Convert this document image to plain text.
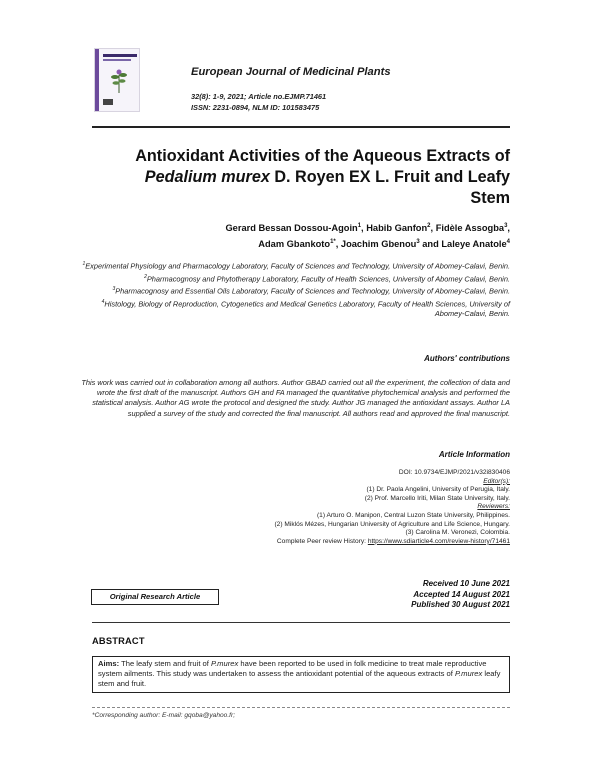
European Journal of Medicinal Plants
32(8): 1-9, 2021; Article no.EJMP.71461
ISSN: 2231-0894, NLM ID: 101583475
Antioxidant Activities of the Aqueous Extracts of
Pedalium murex D. Royen EX L. Fruit and Leafy
Stem
Gerard Bessan Dossou-Agoin$^1$, Habib Ganfon$^2$, Fidèle Assogba$^3$,
Adam Gbankoto$^{1*}$, Joachim Gbenou$^3$ and Laleye Anatole$^4$
$^1$Experimental Physiology and Pharmacology Laboratory, Faculty of Sciences and Technology, University of Abomey-Calavi, Benin.
$^2$Pharmacognosy and Phytotherapy Laboratory, Faculty of Health Sciences, University of Abomey Calavi, Benin.
$^3$Pharmacognosy and Essential Oils Laboratory, Faculty of Sciences and Technology, University of Abomey-Calavi, Benin.
$^4$Histology, Biology of Reproduction, Cytogenetics and Medical Genetics Laboratory, Faculty of Health Sciences, University of Abomey-Calavi, Benin.
Authors' contributions
This work was carried out in collaboration among all authors. Author GBAD carried out all the experiment, the collection of data and wrote the first draft of the manuscript. Authors GH and FA managed the quantitative phytochemical analysis and performed the statistical analysis. Author AG wrote the protocol and designed the study. Author JG managed the antioxidant assays. Author LA supplied a survey of the study and corrected the final manuscript. All authors read and approved the final manuscript.
Article Information
DOI: 10.9734/EJMP/2021/v32i830406
Editor(s):
(1) Dr. Paola Angelini, University of Perugia, Italy.
(2) Prof. Marcello Iriti, Milan State University, Italy.
Reviewers:
(1) Arturo O. Manipon, Central Luzon State University, Philippines.
(2) Miklós Mézes, Hungarian University of Agriculture and Life Science, Hungary.
(3) Carolina M. Veronezi, Colombia.
Complete Peer review History: https://www.sdiarticle4.com/review-history/71461
Received 10 June 2021
Accepted 14 August 2021
Published 30 August 2021
Original Research Article
ABSTRACT
Aims: The leafy stem and fruit of P.murex have been reported to be used in folk medicine to treat male reproductive system ailments. This study was undertaken to assess the antioxidant potential of the aqueous extracts of P.murex leafy stem and fruit.
*Corresponding author: E-mail: gqoba@yahoo.fr;
